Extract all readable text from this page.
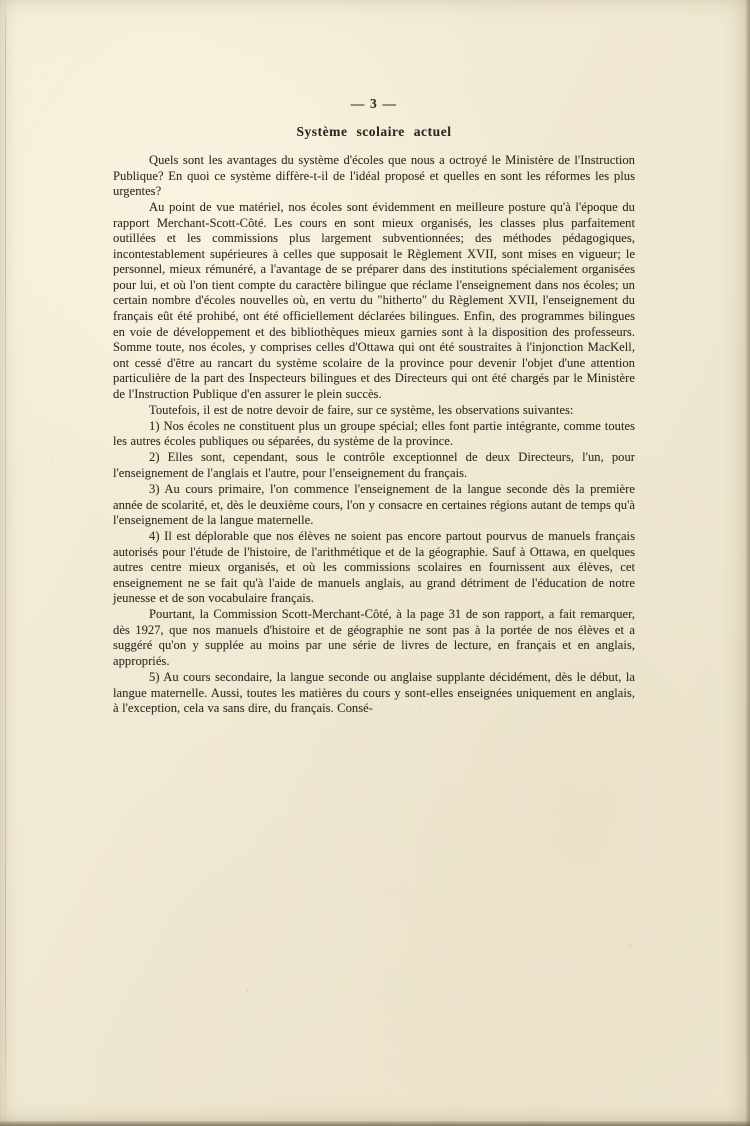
— 3 —
Système scolaire actuel

Quels sont les avantages du système d'écoles que nous a octroyé le Ministère de l'Instruction Publique? En quoi ce système diffère-t-il de l'idéal proposé et quelles en sont les réformes les plus urgentes?

Au point de vue matériel, nos écoles sont évidemment en meilleure posture qu'à l'époque du rapport Merchant-Scott-Côté. Les cours en sont mieux organisés, les classes plus parfaitement outillées et les commissions plus largement subventionnées; des méthodes pédagogiques, incontestablement supérieures à celles que supposait le Règlement XVII, sont mises en vigueur; le personnel, mieux rémunéré, a l'avantage de se préparer dans des institutions spécialement organisées pour lui, et où l'on tient compte du caractère bilingue que réclame l'enseignement dans nos écoles; un certain nombre d'écoles nouvelles où, en vertu du "hitherto" du Règlement XVII, l'enseignement du français eût été prohibé, ont été officiellement déclarées bilingues. Enfin, des programmes bilingues en voie de développement et des bibliothèques mieux garnies sont à la disposition des professeurs. Somme toute, nos écoles, y comprises celles d'Ottawa qui ont été soustraites à l'injonction MacKell, ont cessé d'être au rancart du système scolaire de la province pour devenir l'objet d'une attention particulière de la part des Inspecteurs bilingues et des Directeurs qui ont été chargés par le Ministère de l'Instruction Publique d'en assurer le plein succès.

Toutefois, il est de notre devoir de faire, sur ce système, les observations suivantes:

1) Nos écoles ne constituent plus un groupe spécial; elles font partie intégrante, comme toutes les autres écoles publiques ou séparées, du système de la province.

2) Elles sont, cependant, sous le contrôle exceptionnel de deux Directeurs, l'un, pour l'enseignement de l'anglais et l'autre, pour l'enseignement du français.

3) Au cours primaire, l'on commence l'enseignement de la langue seconde dès la première année de scolarité, et, dès le deuxième cours, l'on y consacre en certaines régions autant de temps qu'à l'enseignement de la langue maternelle.

4) Il est déplorable que nos élèves ne soient pas encore partout pourvus de manuels français autorisés pour l'étude de l'histoire, de l'arithmétique et de la géographie. Sauf à Ottawa, en quelques autres centre mieux organisés, et où les commissions scolaires en fournissent aux élèves, cet enseignement ne se fait qu'à l'aide de manuels anglais, au grand détriment de l'éducation de notre jeunesse et de son vocabulaire français.

Pourtant, la Commission Scott-Merchant-Côté, à la page 31 de son rapport, a fait remarquer, dès 1927, que nos manuels d'histoire et de géographie ne sont pas à la portée de nos élèves et a suggéré qu'on y supplée au moins par une série de livres de lecture, en français et en anglais, appropriés.

5) Au cours secondaire, la langue seconde ou anglaise supplante décidément, dès le début, la langue maternelle. Aussi, toutes les matières du cours y sont-elles enseignées uniquement en anglais, à l'exception, cela va sans dire, du français. Consé-
